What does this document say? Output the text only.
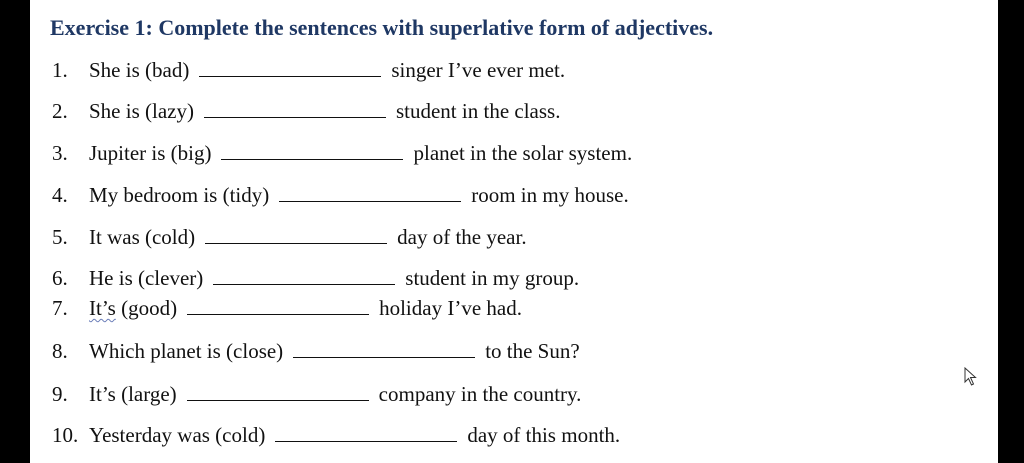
Exercise 1: Complete the sentences with superlative form of adjectives.
1.	She is (bad)	singer I’ve ever met.
2.	She is (lazy)	student in the class.
3.	Jupiter is (big)	planet in the solar system.
4.	My bedroom is (tidy)	room in my house.
5.	It was (cold)	day of the year.
6.	He is (clever)	student in my group.
7.	It’s (good)	holiday I’ve had.
8.	Which planet is (close)	to the Sun?
9.	It’s (large)	company in the country.
10. Yesterday was (cold)	day of this month.
